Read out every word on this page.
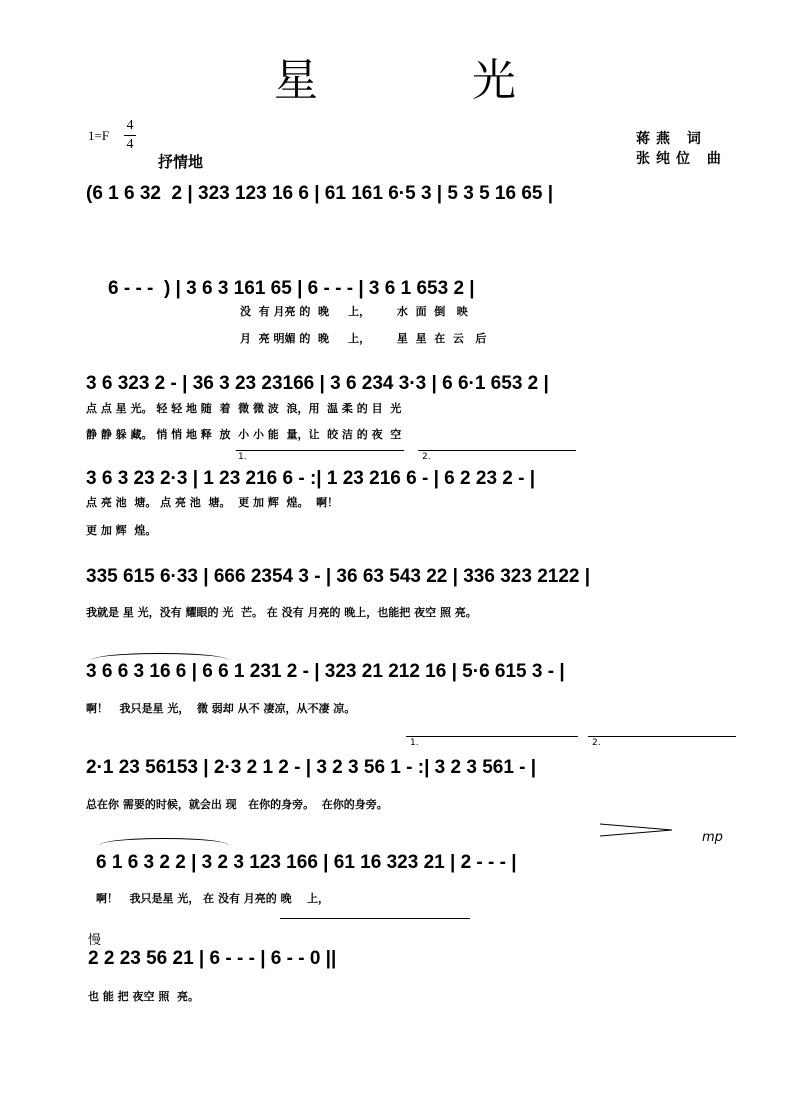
星 光
1=F
4
4
抒情地
蒋燕 词
张纯位 曲
(6 1 6 32  2 | 323 123 16 6 | 61 161 6·5 3 | 5 3 5 16 65 |
6 - - -  ) | 3 6 3 161 65 | 6 - - - | 3 6 1 653 2 |
没  有 月亮 的  晚     上，       水  面  倒   映
月  亮 明媚 的  晚     上，       星  星  在  云   后
3 6 323 2 - | 36 3 23 23166 | 3 6 234 3·3 | 6 6·1 653 2 |
点 点 星 光。 轻 轻 地 随  着  微 微 波  浪，用  温 柔 的 目  光
静 静 躲 藏。 悄 悄 地 释  放  小 小 能  量，让  皎 洁 的 夜  空
1.	2.
3 6 3 23 2·3 | 1 23 216 6 - :| 1 23 216 6 - | 6 2 23 2 - |
点 亮 池  塘。 点 亮 池  塘。  更 加 辉  煌。  啊！
更 加 辉  煌。
335 615 6·33 | 666 2354 3 - | 36 63 543 22 | 336 323 2122 |
我就是 星 光，没有 耀眼的 光  芒。 在 没有 月亮的 晚上，也能把 夜空 照 亮。
3 6 6 3 16 6 | 6 6 1 231 2 - | 323 21 212 16 | 5·6 615 3 - |
啊！   我只是星 光，  微 弱却 从不 凄凉，从不凄 凉。
1.	2.
2·1 23 56153 | 2·3 2 1 2 - | 3 2 3 56 1 - :| 3 2 3 561 - |
总在你 需要的时候，就会出 现   在你的身旁。  在你的身旁。
mp
6 1 6 3 2 2 | 3 2 3 123 166 | 61 16 323 21 | 2 - - - |
啊！   我只是星 光， 在 没有 月亮的 晚    上，
慢
2 2 23 56 21 | 6 - - - | 6 - - 0 ||
也 能 把 夜空 照  亮。
